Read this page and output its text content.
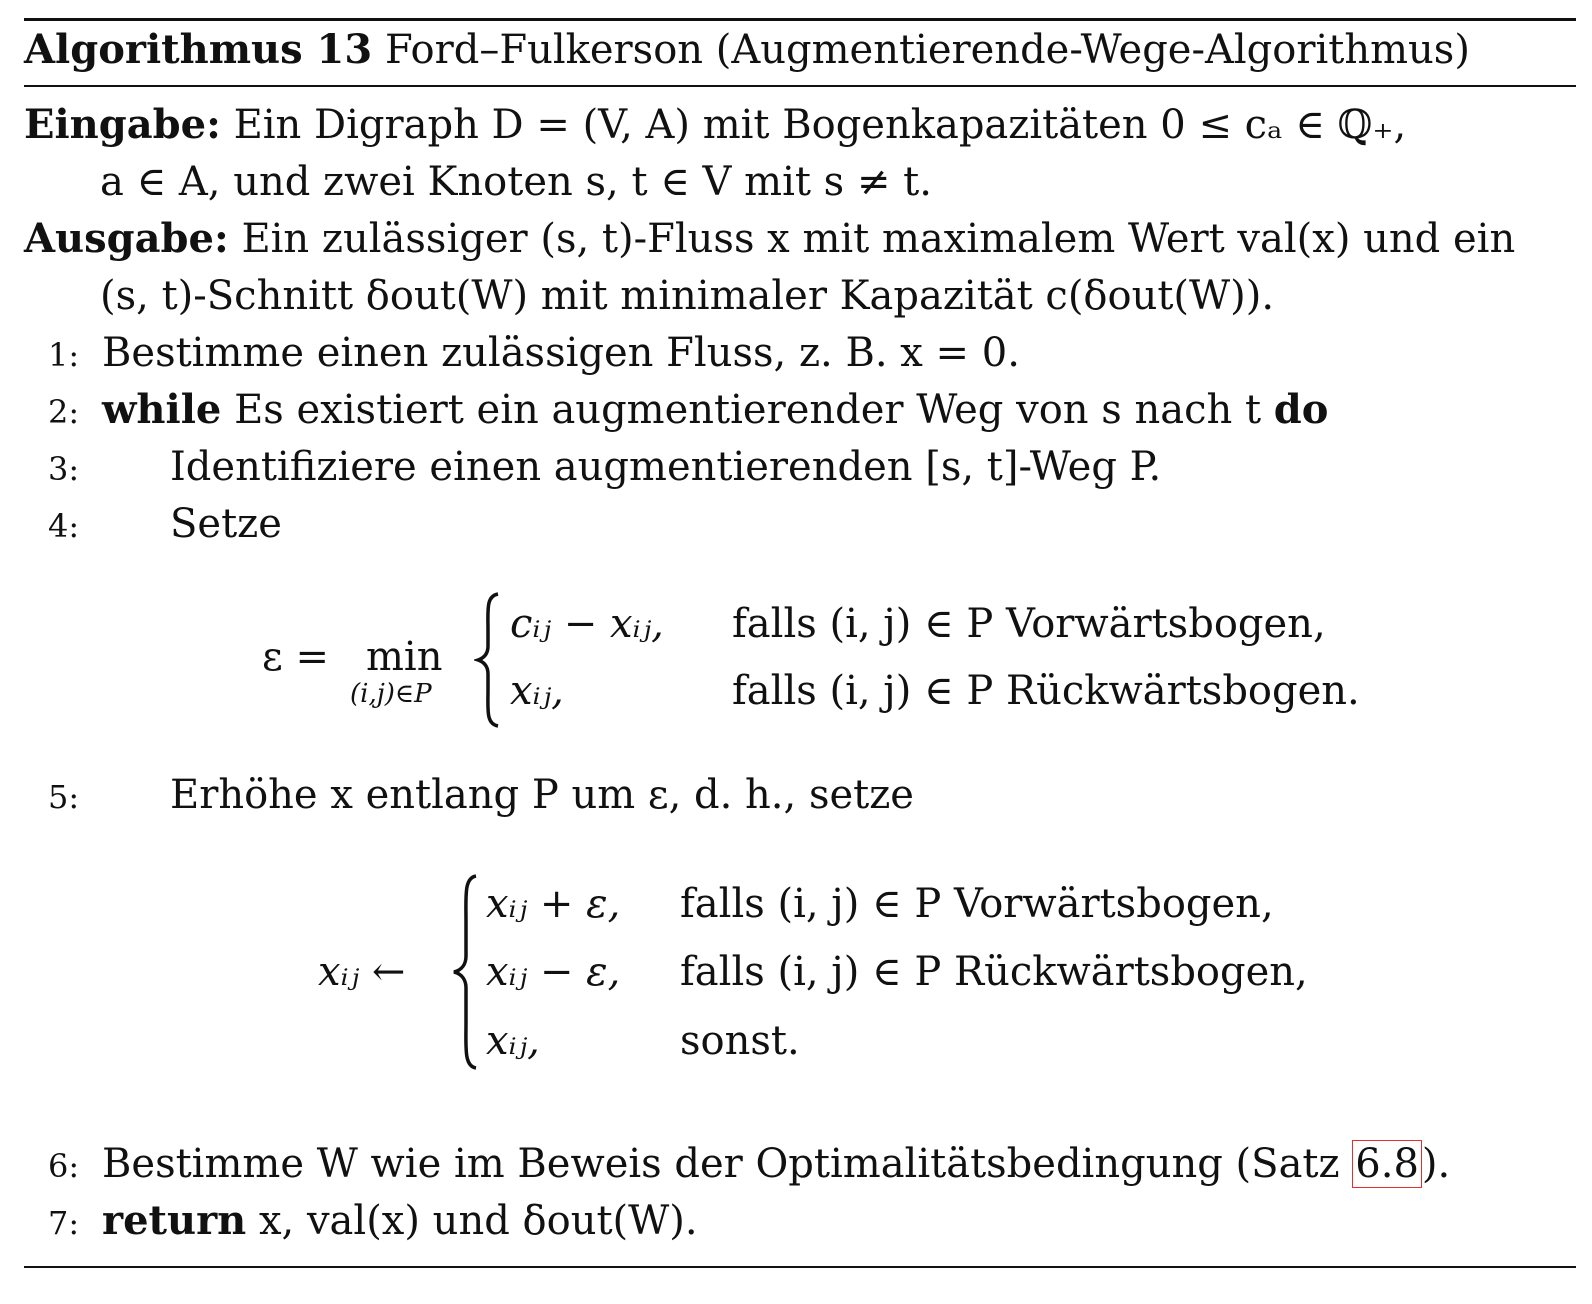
Algorithmus 13 Ford–Fulkerson (Augmentierende-Wege-Algorithmus)
Eingabe: Ein Digraph D = (V, A) mit Bogenkapazitäten 0 ≤ cₐ ∈ ℚ₊,
a ∈ A, und zwei Knoten s, t ∈ V mit s ≠ t.
Ausgabe: Ein zulässiger (s, t)-Fluss x mit maximalem Wert val(x) und ein
(s, t)-Schnitt δout(W) mit minimaler Kapazität c(δout(W)).
1: Bestimme einen zulässigen Fluss, z. B. x = 0.
2: while Es existiert ein augmentierender Weg von s nach t do
3: Identifiziere einen augmentierenden [s, t]-Weg P.
4: Setze
ε = min
(i,j)∈P
cᵢⱼ − xᵢⱼ, falls (i, j) ∈ P Vorwärtsbogen,
xᵢⱼ,	falls (i, j) ∈ P Rückwärtsbogen.
5: Erhöhe x entlang P um ε, d. h., setze
xᵢⱼ ←
xᵢⱼ + ε, falls (i, j) ∈ P Vorwärtsbogen,
xᵢⱼ − ε, falls (i, j) ∈ P Rückwärtsbogen,
xᵢⱼ,	sonst.
6: Bestimme W wie im Beweis der Optimalitätsbedingung (Satz 6.8).
7: return x, val(x) und δout(W).
